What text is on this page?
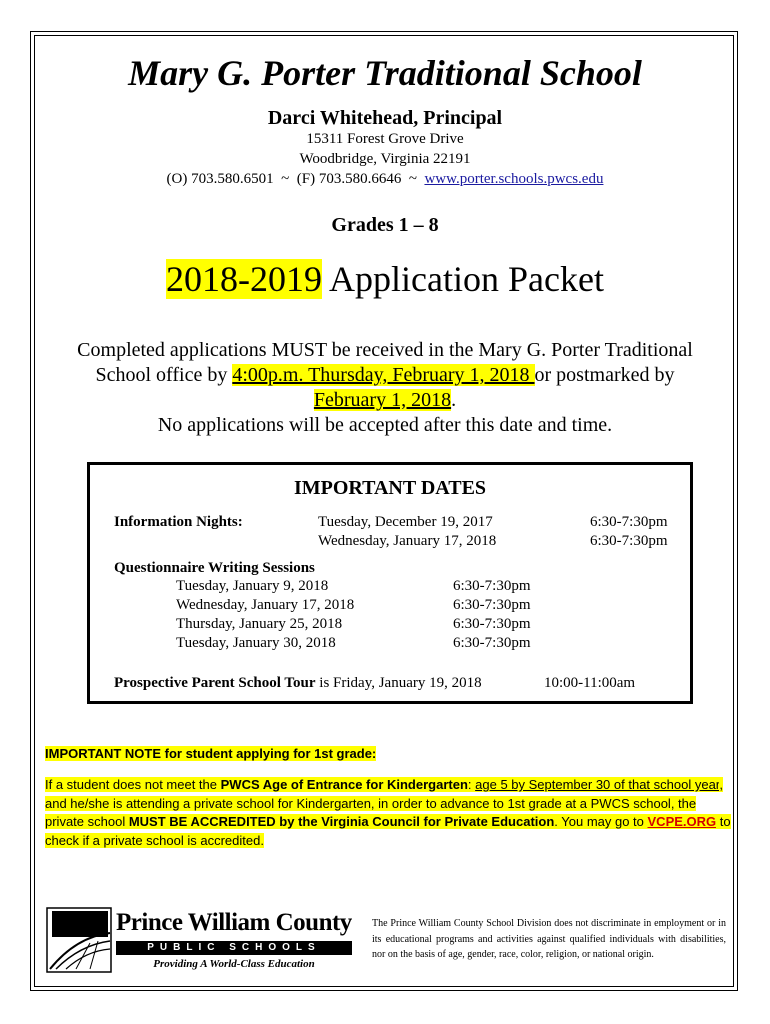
Mary G. Porter Traditional School
Darci Whitehead, Principal
15311 Forest Grove Drive
Woodbridge, Virginia 22191
(O) 703.580.6501 ~ (F) 703.580.6646 ~ www.porter.schools.pwcs.edu
Grades 1 – 8
2018-2019 Application Packet
Completed applications MUST be received in the Mary G. Porter Traditional School office by 4:00p.m. Thursday, February 1, 2018 or postmarked by February 1, 2018.
No applications will be accepted after this date and time.
IMPORTANT DATES
Information Nights:	Tuesday, December 19, 2017	6:30-7:30pm
Wednesday, January 17, 2018	6:30-7:30pm
Questionnaire Writing Sessions
Tuesday, January 9, 2018	6:30-7:30pm
Wednesday, January 17, 2018	6:30-7:30pm
Thursday, January 25, 2018	6:30-7:30pm
Tuesday, January 30, 2018	6:30-7:30pm
Prospective Parent School Tour is Friday, January 19, 2018	10:00-11:00am
IMPORTANT NOTE for student applying for 1st grade:
If a student does not meet the PWCS Age of Entrance for Kindergarten: age 5 by September 30 of that school year, and he/she is attending a private school for Kindergarten, in order to advance to 1st grade at a PWCS school, the private school MUST BE ACCREDITED by the Virginia Council for Private Education. You may go to VCPE.ORG to check if a private school is accredited.
Prince William County
PUBLIC SCHOOLS
Providing A World-Class Education
The Prince William County School Division does not discriminate in employment or in its educational programs and activities against qualified individuals with disabilities, nor on the basis of age, gender, race, color, religion, or national origin.
